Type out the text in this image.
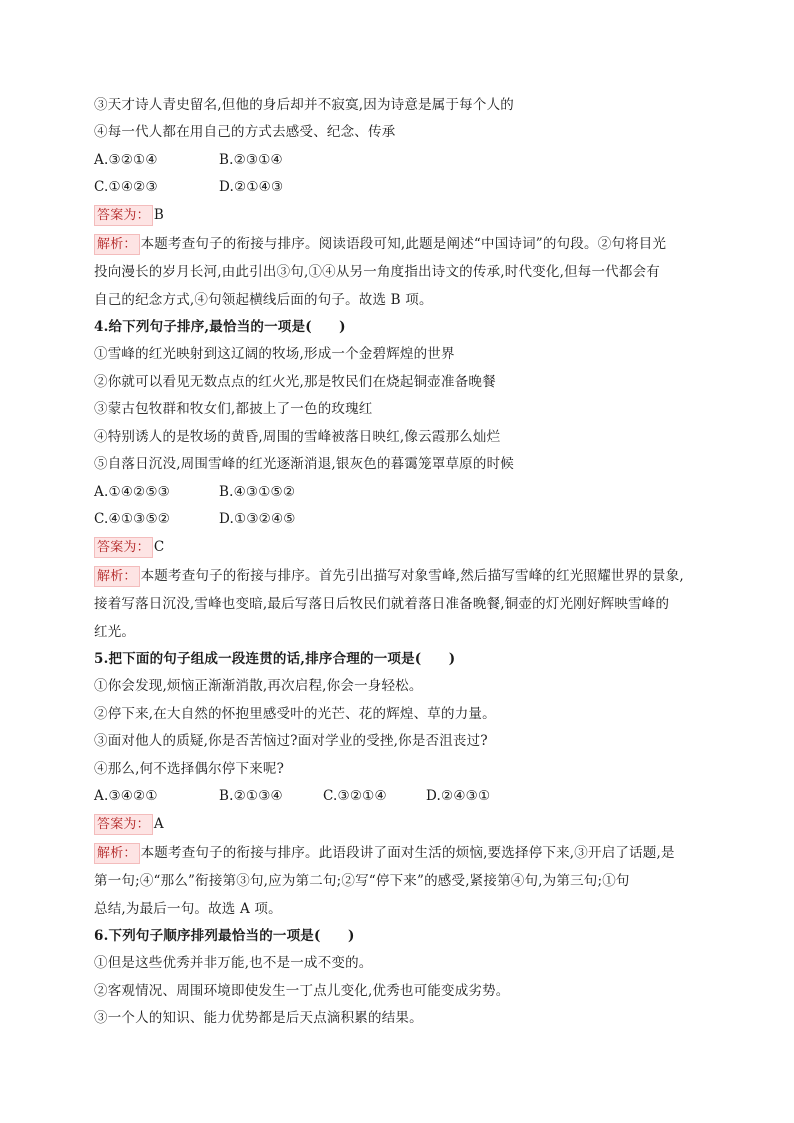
③天才诗人青史留名,但他的身后却并不寂寞,因为诗意是属于每个人的
④每一代人都在用自己的方式去感受、纪念、传承
A.③②①④	B.②③①④
C.①④②③	D.②①④③
答案为： B
解析： 本题考查句子的衔接与排序。阅读语段可知,此题是阐述“中国诗词”的句段。②句将目光
投向漫长的岁月长河,由此引出③句,①④从另一角度指出诗文的传承,时代变化,但每一代都会有
自己的纪念方式,④句领起横线后面的句子。故选 B 项。
4.给下列句子排序,最恰当的一项是(　　)
①雪峰的红光映射到这辽阔的牧场,形成一个金碧辉煌的世界
②你就可以看见无数点点的红火光,那是牧民们在烧起铜壶准备晚餐
③蒙古包牧群和牧女们,都披上了一色的玫瑰红
④特别诱人的是牧场的黄昏,周围的雪峰被落日映红,像云霞那么灿烂
⑤自落日沉没,周围雪峰的红光逐渐消退,银灰色的暮霭笼罩草原的时候
A.①④②⑤③	B.④③①⑤②
C.④①③⑤②	D.①③②④⑤
答案为： C
解析： 本题考查句子的衔接与排序。首先引出描写对象雪峰,然后描写雪峰的红光照耀世界的景象,
接着写落日沉没,雪峰也变暗,最后写落日后牧民们就着落日准备晚餐,铜壶的灯光刚好辉映雪峰的
红光。
5.把下面的句子组成一段连贯的话,排序合理的一项是(　　)
①你会发现,烦恼正渐渐消散,再次启程,你会一身轻松。
②停下来,在大自然的怀抱里感受叶的光芒、花的辉煌、草的力量。
③面对他人的质疑,你是否苦恼过?面对学业的受挫,你是否沮丧过?
④那么,何不选择偶尔停下来呢?
A.③④②①	B.②①③④	C.③②①④	D.②④③①
答案为： A
解析： 本题考查句子的衔接与排序。此语段讲了面对生活的烦恼,要选择停下来,③开启了话题,是
第一句;④“那么”衔接第③句,应为第二句;②写“停下来”的感受,紧接第④句,为第三句;①句
总结,为最后一句。故选 A 项。
6.下列句子顺序排列最恰当的一项是(　　)
①但是这些优秀并非万能,也不是一成不变的。
②客观情况、周围环境即使发生一丁点儿变化,优秀也可能变成劣势。
③一个人的知识、能力优势都是后天点滴积累的结果。
